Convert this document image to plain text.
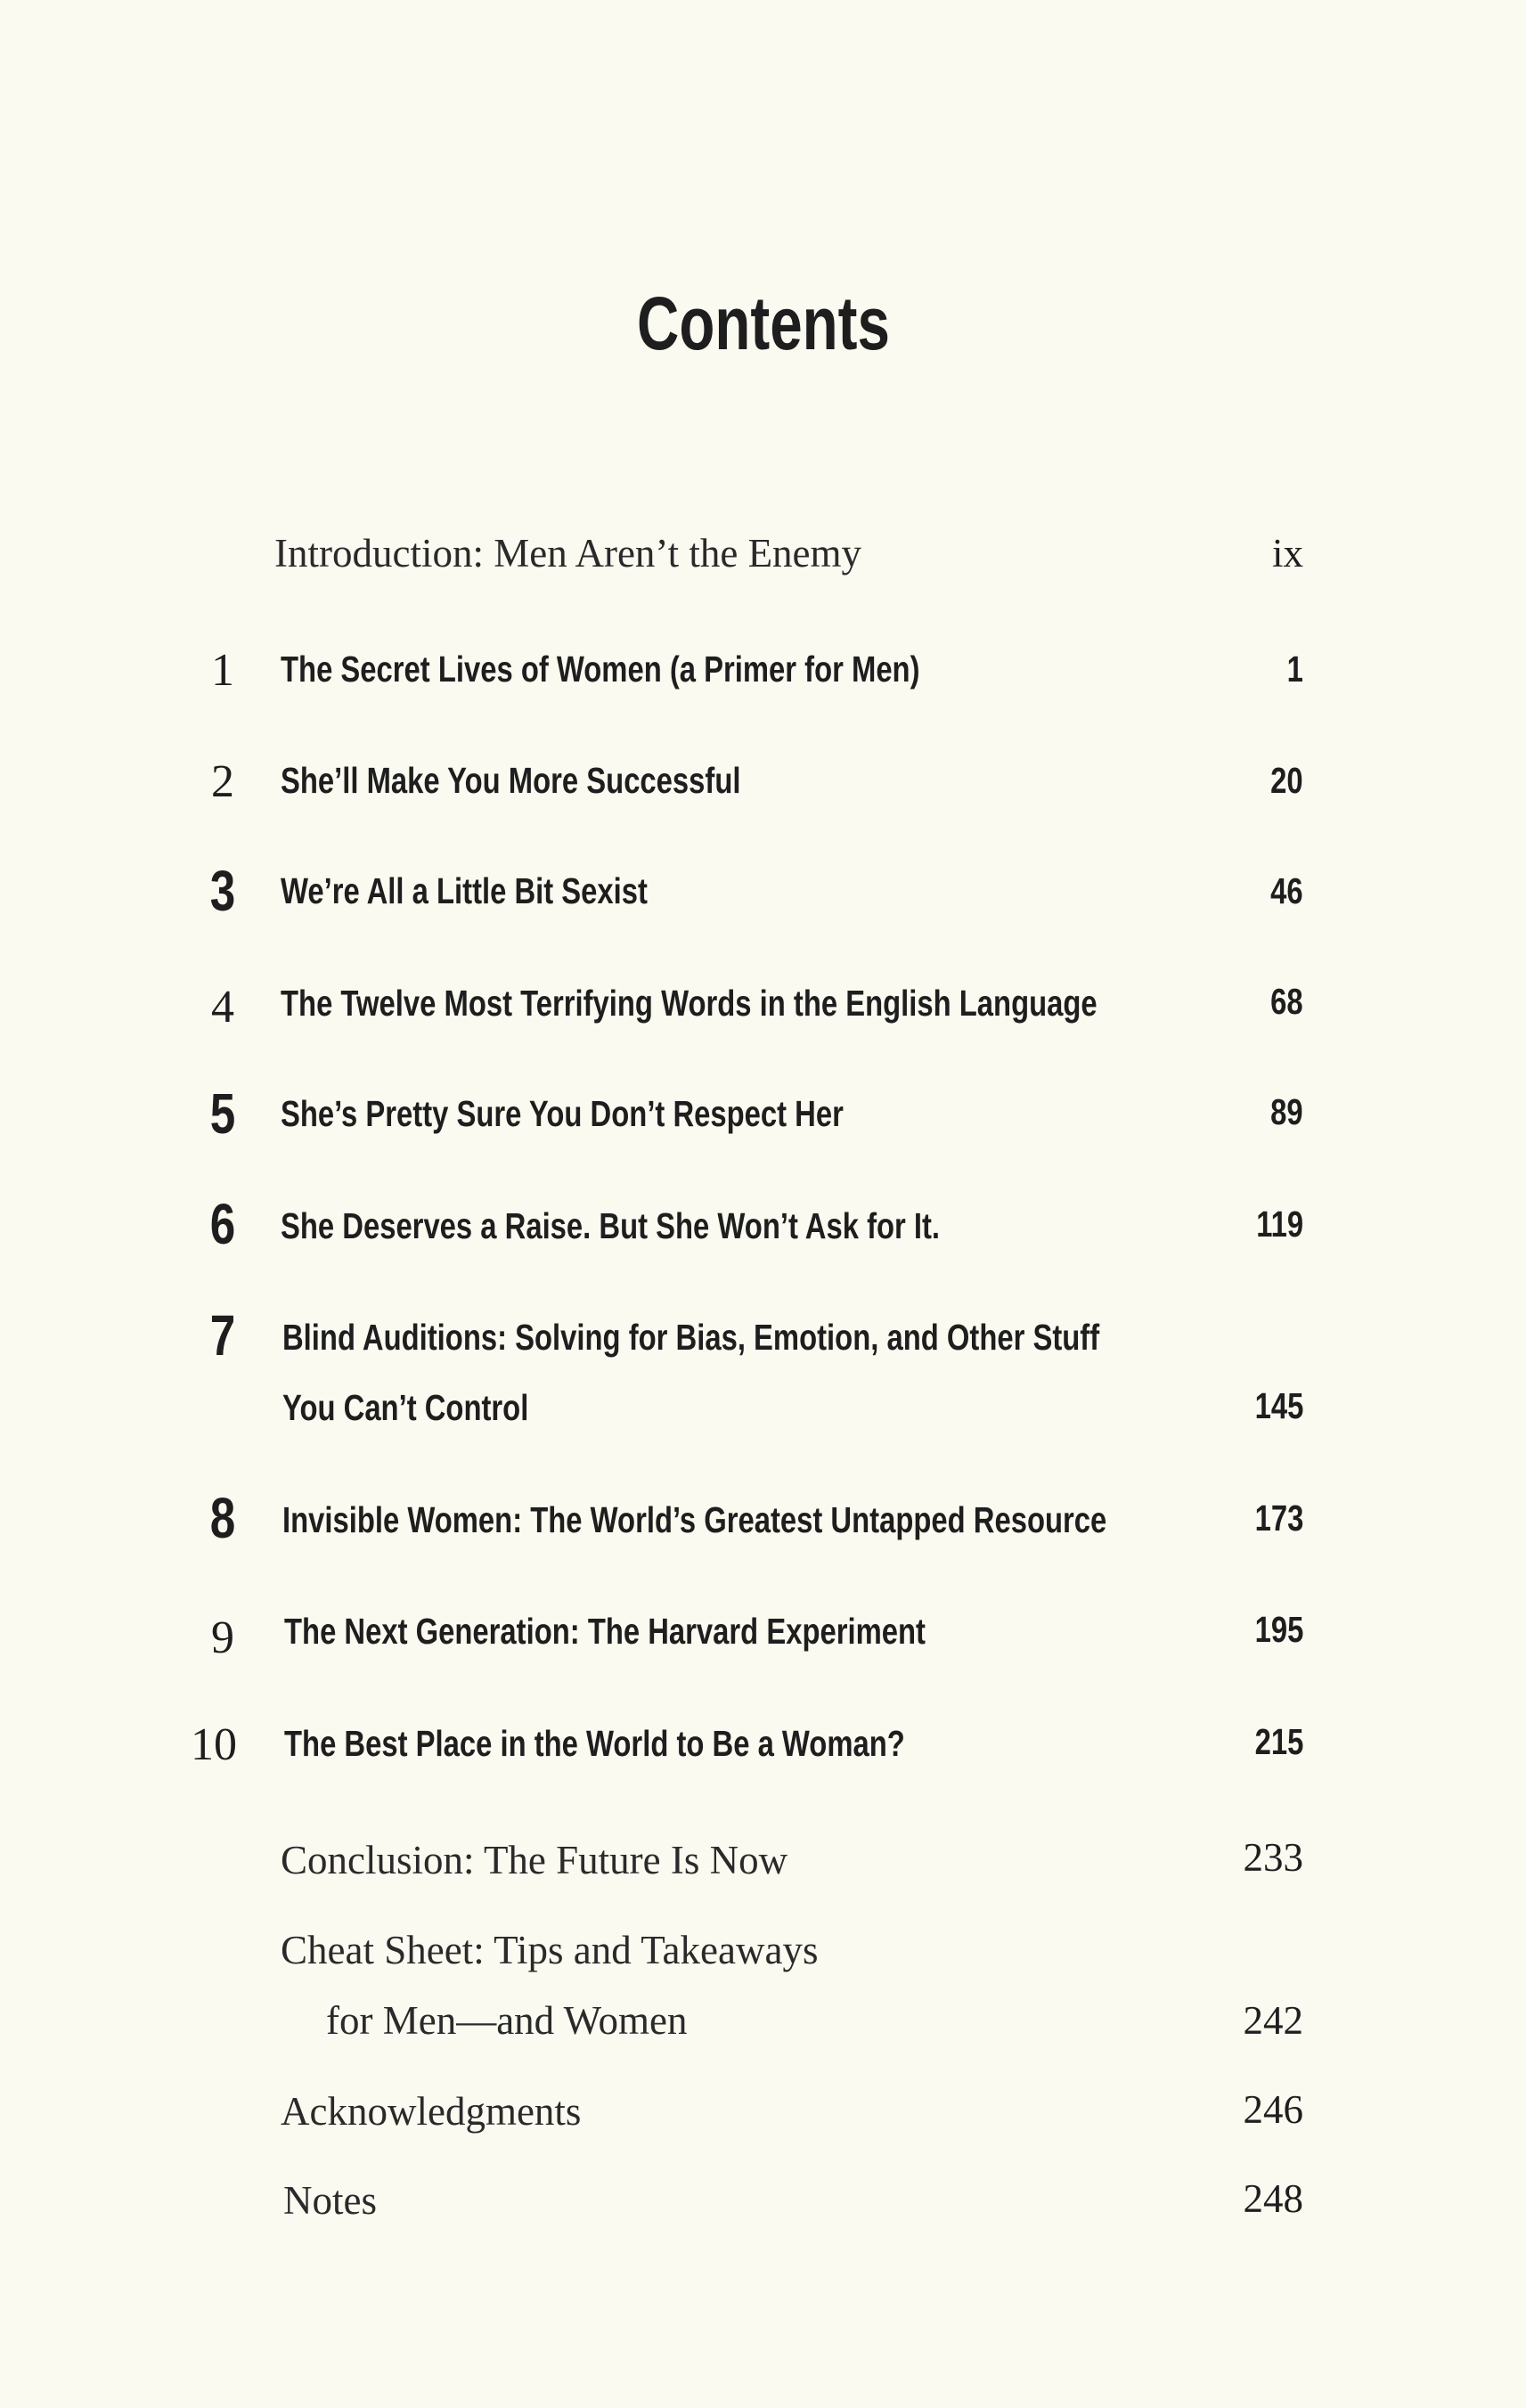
Contents
Introduction: Men Aren’t the Enemy	ix
1	The Secret Lives of Women (a Primer for Men)	1
2	She’ll Make You More Successful	20
3	We’re All a Little Bit Sexist	46
4	The Twelve Most Terrifying Words in the English Language	68
5	She’s Pretty Sure You Don’t Respect Her	89
6	She Deserves a Raise. But She Won’t Ask for It.	119
7	Blind Auditions: Solving for Bias, Emotion, and Other Stuff
You Can’t Control	145
8	Invisible Women: The World’s Greatest Untapped Resource	173
9	The Next Generation: The Harvard Experiment	195
10	The Best Place in the World to Be a Woman?	215
Conclusion: The Future Is Now	233
Cheat Sheet: Tips and Takeaways
for Men—and Women	242
Acknowledgments	246
Notes	248
